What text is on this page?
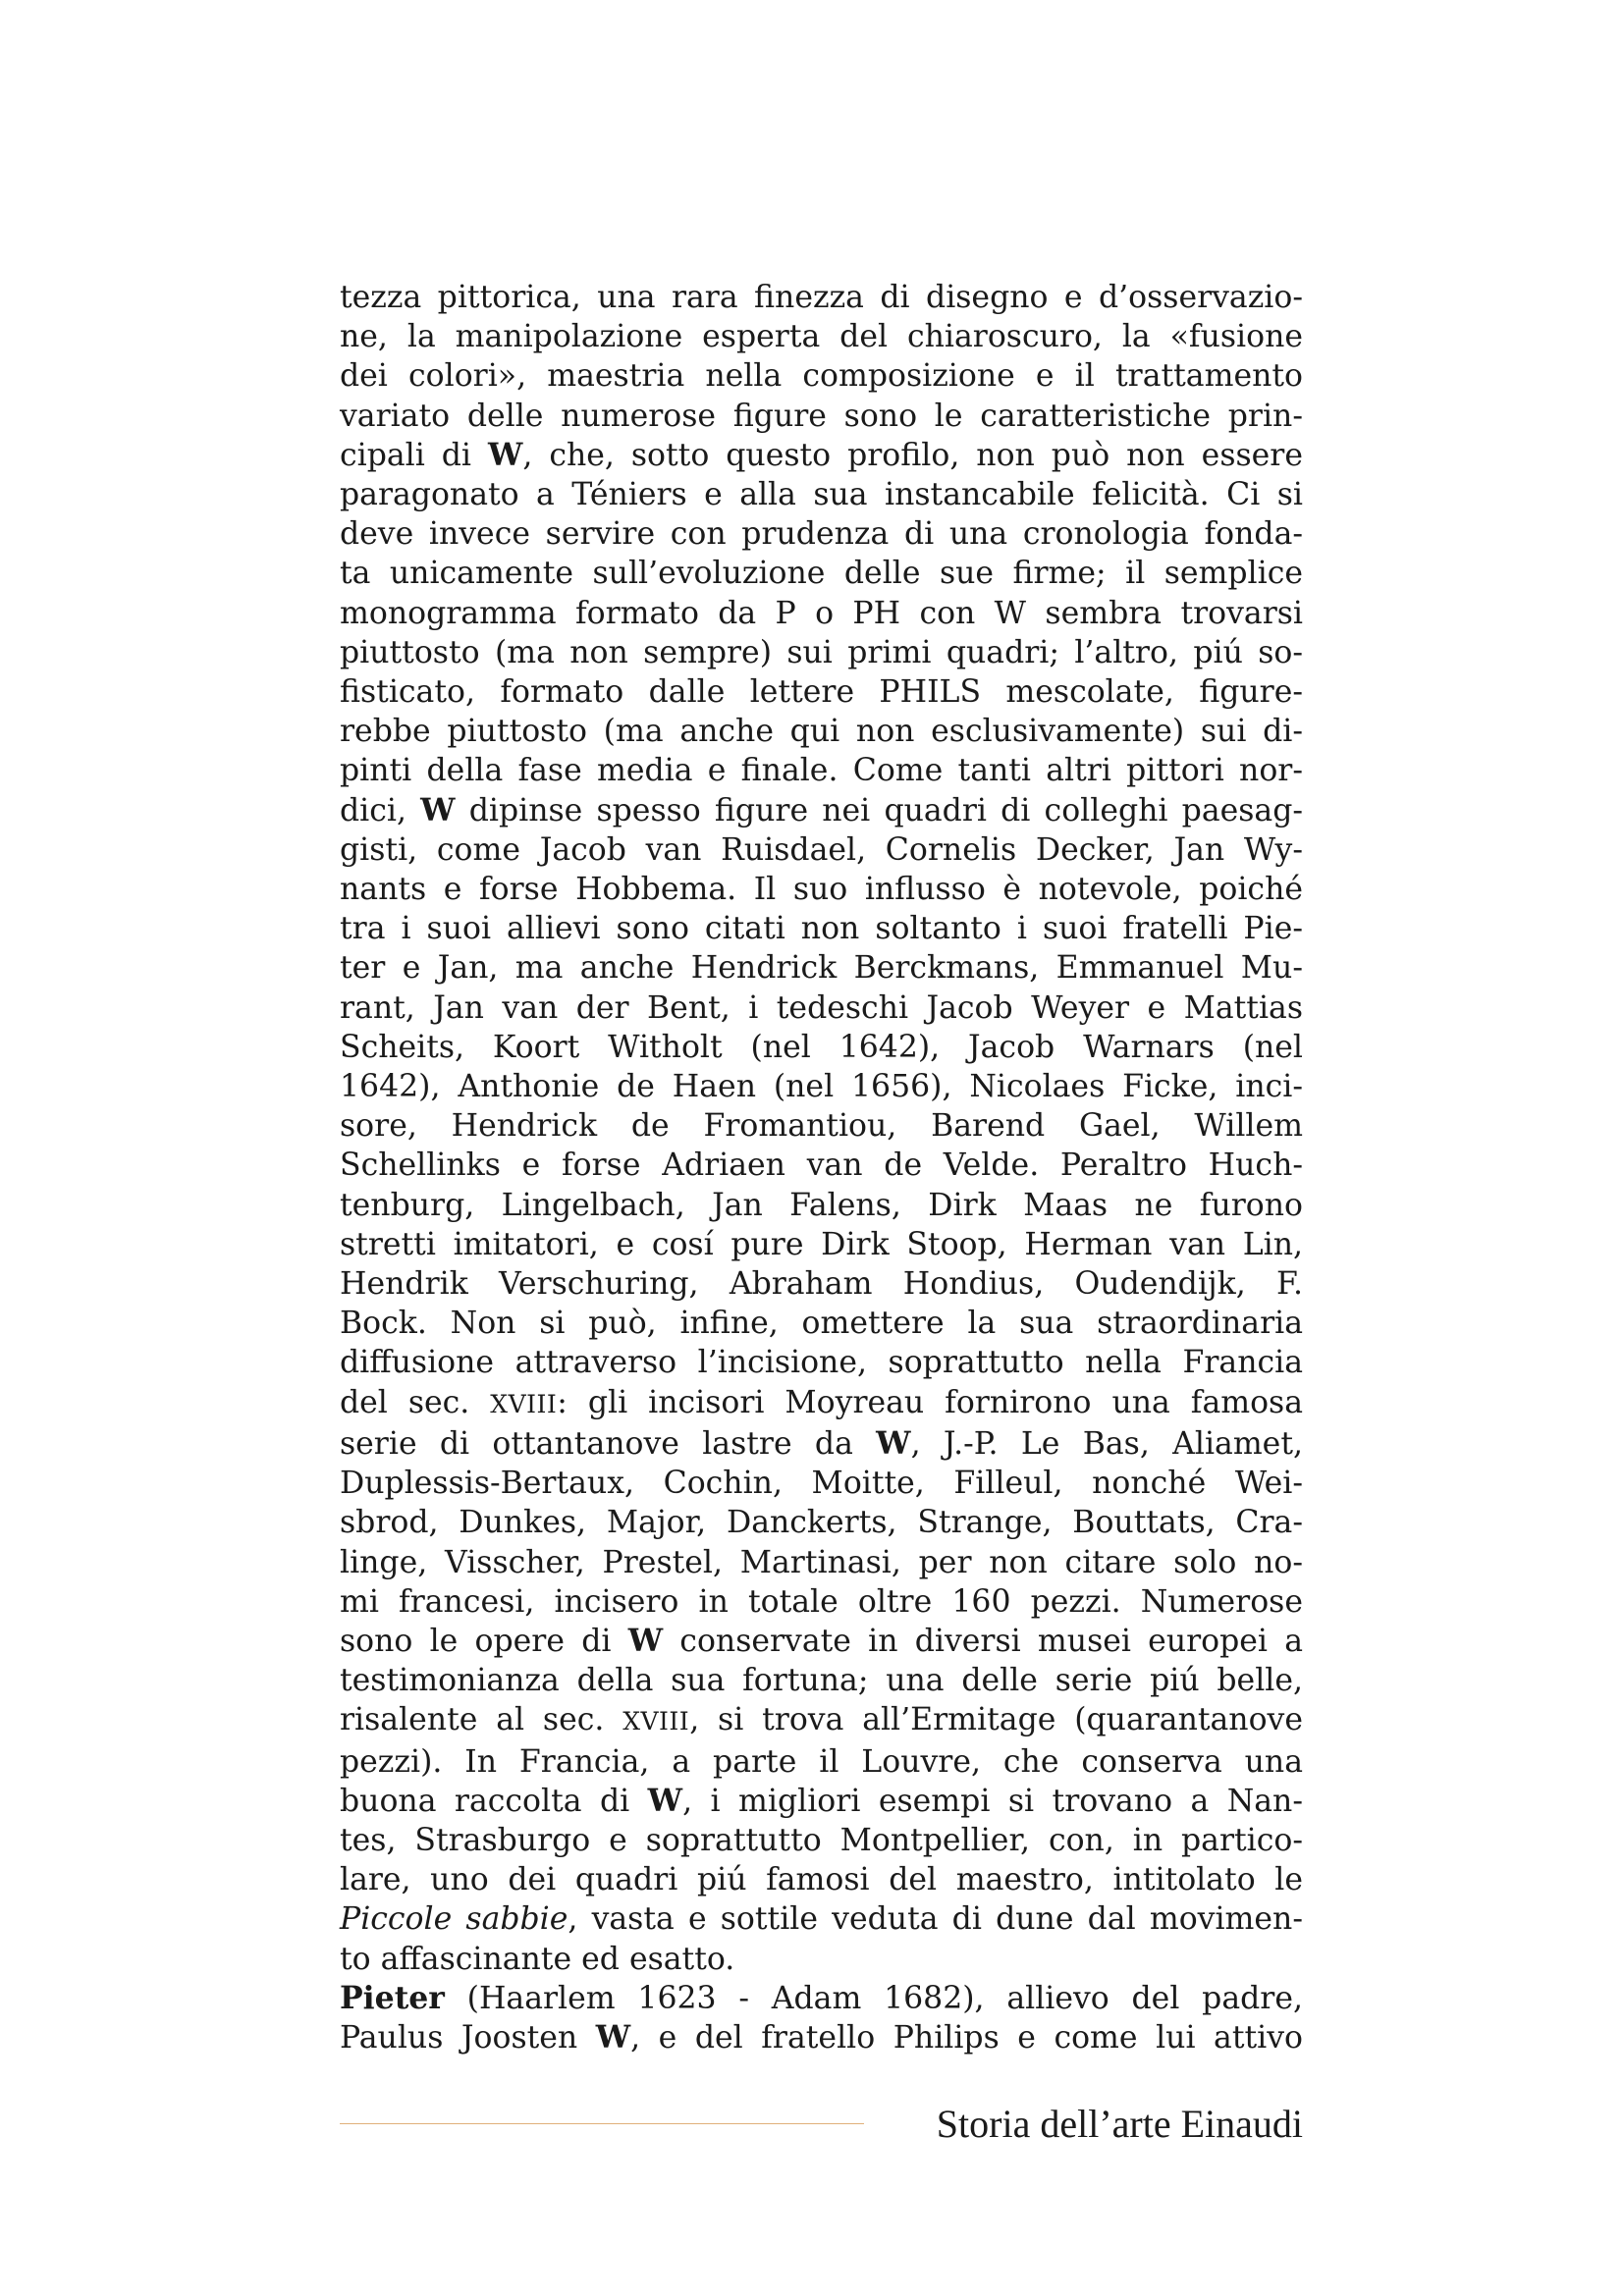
tezza pittorica, una rara finezza di disegno e d’osservazio-
ne, la manipolazione esperta del chiaroscuro, la «fusione
dei colori», maestria nella composizione e il trattamento
variato delle numerose figure sono le caratteristiche prin-
cipali di W, che, sotto questo profilo, non può non essere
paragonato a Téniers e alla sua instancabile felicità. Ci si
deve invece servire con prudenza di una cronologia fonda-
ta unicamente sull’evoluzione delle sue firme; il semplice
monogramma formato da P o PH con W sembra trovarsi
piuttosto (ma non sempre) sui primi quadri; l’altro, piú so-
fisticato, formato dalle lettere PHILS mescolate, figure-
rebbe piuttosto (ma anche qui non esclusivamente) sui di-
pinti della fase media e finale. Come tanti altri pittori nor-
dici, W dipinse spesso figure nei quadri di colleghi paesag-
gisti, come Jacob van Ruisdael, Cornelis Decker, Jan Wy-
nants e forse Hobbema. Il suo influsso è notevole, poiché
tra i suoi allievi sono citati non soltanto i suoi fratelli Pie-
ter e Jan, ma anche Hendrick Berckmans, Emmanuel Mu-
rant, Jan van der Bent, i tedeschi Jacob Weyer e Mattias
Scheits, Koort Witholt (nel 1642), Jacob Warnars (nel
1642), Anthonie de Haen (nel 1656), Nicolaes Ficke, inci-
sore, Hendrick de Fromantiou, Barend Gael, Willem
Schellinks e forse Adriaen van de Velde. Peraltro Huch-
tenburg, Lingelbach, Jan Falens, Dirk Maas ne furono
stretti imitatori, e cosí pure Dirk Stoop, Herman van Lin,
Hendrik Verschuring, Abraham Hondius, Oudendijk, F.
Bock. Non si può, infine, omettere la sua straordinaria
diffusione attraverso l’incisione, soprattutto nella Francia
del sec. XVIII: gli incisori Moyreau fornirono una famosa
serie di ottantanove lastre da W, J.-P. Le Bas, Aliamet,
Duplessis-Bertaux, Cochin, Moitte, Filleul, nonché Wei-
sbrod, Dunkes, Major, Danckerts, Strange, Bouttats, Cra-
linge, Visscher, Prestel, Martinasi, per non citare solo no-
mi francesi, incisero in totale oltre 160 pezzi. Numerose
sono le opere di W conservate in diversi musei europei a
testimonianza della sua fortuna; una delle serie piú belle,
risalente al sec. XVIII, si trova all’Ermitage (quarantanove
pezzi). In Francia, a parte il Louvre, che conserva una
buona raccolta di W, i migliori esempi si trovano a Nan-
tes, Strasburgo e soprattutto Montpellier, con, in partico-
lare, uno dei quadri piú famosi del maestro, intitolato le
Piccole sabbie, vasta e sottile veduta di dune dal movimen-
to affascinante ed esatto.
Pieter (Haarlem 1623 - Adam 1682), allievo del padre,
Paulus Joosten W, e del fratello Philips e come lui attivo
Storia dell’arte Einaudi
